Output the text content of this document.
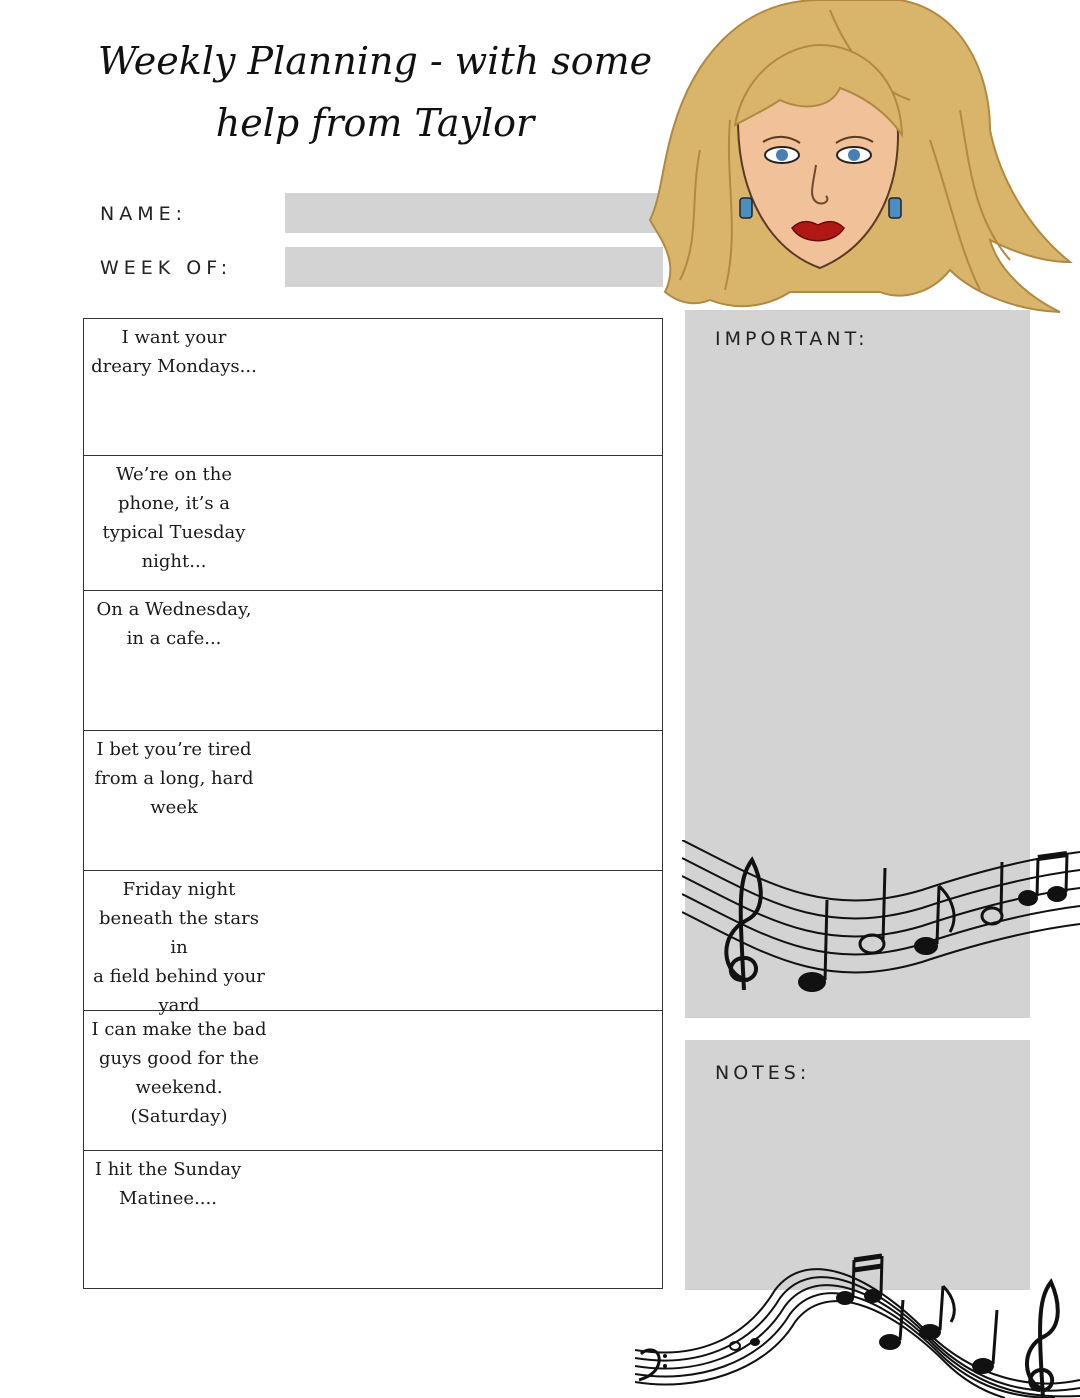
Weekly Planning - with some
help from Taylor
NAME:
WEEK OF:
I want your
dreary Mondays...
We’re on the
phone, it’s a
typical Tuesday
night...
On a Wednesday,
in a cafe...
I bet you’re tired
from a long, hard
week
Friday night
beneath the stars in
a field behind your
yard
I can make the bad
guys good for the
weekend. (Saturday)
I hit the Sunday
Matinee....
IMPORTANT:
NOTES:
